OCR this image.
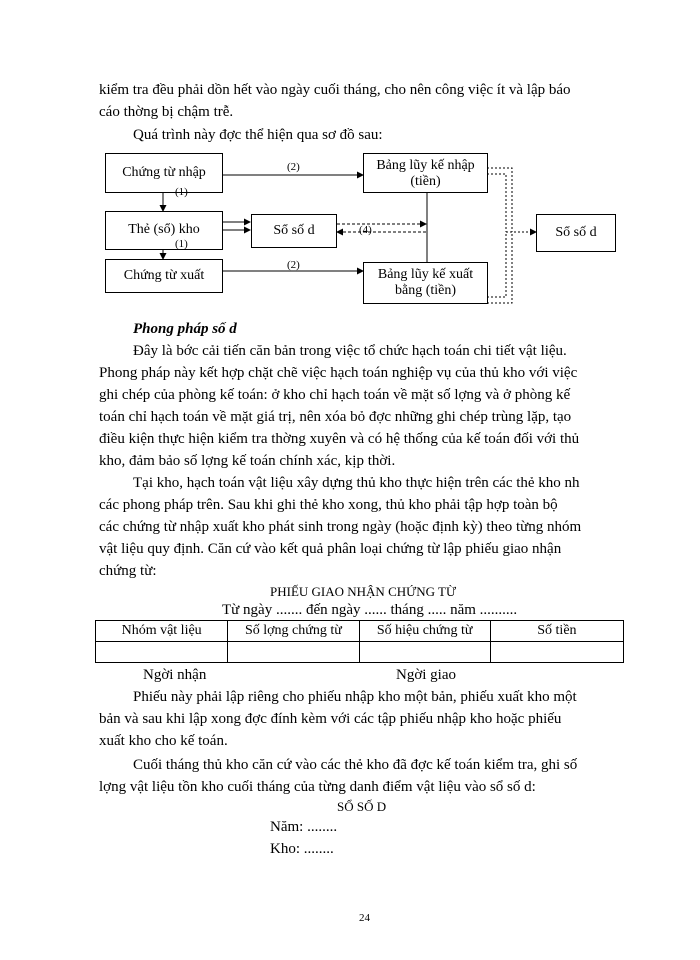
kiểm tra đều phải dồn hết vào ngày cuối tháng, cho nên công việc ít và lập báo
cáo thờng bị chậm trễ.
Quá trình này đợc thể hiện qua sơ đồ sau:
Chứng từ nhập
Thẻ (sổ) kho
Chứng từ xuất
Sổ số d
Bảng lũy kế nhập
(tiền)
Bảng lũy kế xuất
bằng (tiền)
Sổ số d
(2)
(2)
(1)
(1)
(4)
Phong pháp số d
Đây là bớc cải tiến căn bản trong việc tổ chức hạch toán chi tiết vật liệu.
Phong pháp này kết hợp chặt chẽ việc hạch toán nghiệp vụ của thủ kho với việc
ghi chép của phòng kế toán: ở kho chỉ hạch toán về mặt số lợng và ở phòng kế
toán chỉ hạch toán về mặt giá trị, nên xóa bỏ đợc những ghi chép trùng lặp, tạo
điều kiện thực hiện kiểm tra thờng xuyên và có hệ thống của kế toán đối với thủ
kho, đảm bảo số lợng kế toán chính xác, kịp thời.
Tại kho, hạch toán vật liệu xây dựng thủ kho thực hiện trên các thẻ kho nh
các phong pháp trên. Sau khi ghi thẻ kho xong, thủ kho phải tập hợp toàn bộ
các chứng từ nhập xuất kho phát sinh trong ngày (hoặc định kỳ) theo từng nhóm
vật liệu quy định. Căn cứ vào kết quả phân loại chứng từ lập phiếu giao nhận
chứng từ:
PHIẾU GIAO NHẬN CHỨNG TỪ
Từ ngày ....... đến ngày ...... tháng ..... năm ..........
Nhóm vật liệu	Số lợng chứng từ	Số hiệu chứng từ	Số tiền

Ngời nhận	Ngời giao
Phiếu này phải lập riêng cho phiếu nhập kho một bản, phiếu xuất kho một
bản và sau khi lập xong đợc đính kèm với các tập phiếu nhập kho hoặc phiếu
xuất kho cho kế toán.
Cuối tháng thủ kho căn cứ vào các thẻ kho đã đợc kế toán kiểm tra, ghi số
lợng vật liệu tồn kho cuối tháng của từng danh điểm vật liệu vào sổ số d:
SỔ SỐ D
Năm: ........
Kho: ........
24
